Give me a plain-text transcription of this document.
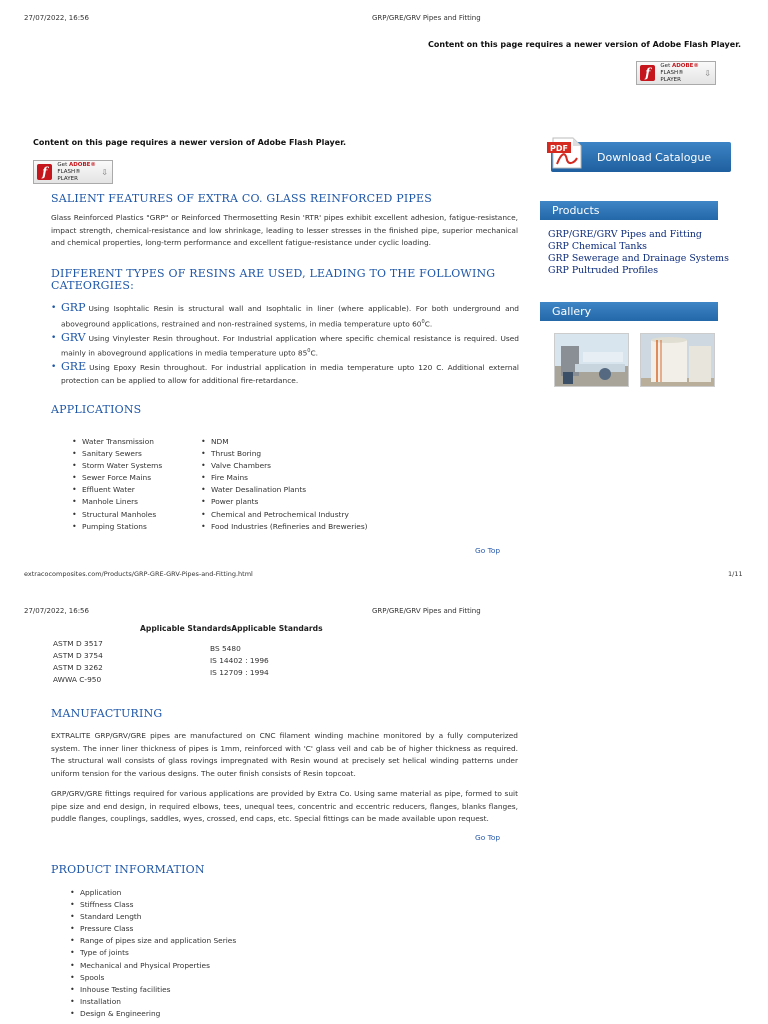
27/07/2022, 16:56	GRP/GRE/GRV Pipes and Fitting
Content on this page requires a newer version of Adobe Flash Player.
f
Get ADOBE®
FLASH® PLAYER
⇩
Content on this page requires a newer version of Adobe Flash Player.
f
Get ADOBE®
FLASH® PLAYER
⇩
PDF
Download Catalogue
Products
GRP/GRE/GRV Pipes and Fitting
GRP Chemical Tanks
GRP Sewerage and Drainage Systems
GRP Pultruded Profiles
Gallery
SALIENT FEATURES OF EXTRA CO. GLASS REINFORCED PIPES
Glass Reinforced Plastics "GRP" or Reinforced Thermosetting Resin 'RTR' pipes exhibit excellent adhesion, fatigue-resistance, impact strength, chemical-resistance and low shrinkage, leading to lesser stresses in the finished pipe, superior mechanical and chemical properties, long-term performance and excellent fatigue-resistance under cyclic loading.
DIFFERENT TYPES OF RESINS ARE USED, LEADING TO THE FOLLOWING
CATEORGIES:
• GRP Using Isophtalic Resin is structural wall and Isophtalic in liner (where applicable). For both underground and aboveground applications, restrained and non-restrained systems, in media temperature upto $60^0C$.
• GRV Using Vinylester Resin throughout. For Industrial application where specific chemical resistance is required. Used mainly in aboveground applications in media temperature upto $85^0C$.
• GRE Using Epoxy Resin throughout. For industrial application in media temperature upto 120 C. Additional external protection can be applied to allow for additional fire-retardance.
APPLICATIONS
• Water Transmission
• Sanitary Sewers
• Storm Water Systems
• Sewer Force Mains
• Effluent Water
• Manhole Liners
• Structural Manholes
• Pumping Stations
• NDM
• Thrust Boring
• Valve Chambers
• Fire Mains
• Water Desalination Plants
• Power plants
• Chemical and Petrochemical Industry
• Food Industries (Refineries and Breweries)
Go Top
extracocomposites.com/Products/GRP-GRE-GRV-Pipes-and-Fitting.html	1/11
27/07/2022, 16:56	GRP/GRE/GRV Pipes and Fitting
Applicable StandardsApplicable Standards
ASTM D 3517
ASTM D 3754
ASTM D 3262
AWWA C-950
BS 5480
IS 14402 : 1996
IS 12709 : 1994
MANUFACTURING
EXTRALITE GRP/GRV/GRE pipes are manufactured on CNC filament winding machine monitored by a fully computerized system. The inner liner thickness of pipes is 1mm, reinforced with 'C' glass veil and cab be of higher thickness as required. The structural wall consists of glass rovings impregnated with Resin wound at precisely set helical winding patterns under uniform tension for the various designs. The outer finish consists of Resin topcoat.
GRP/GRV/GRE fittings required for various applications are provided by Extra Co. Using same material as pipe, formed to suit pipe size and end design, in required elbows, tees, unequal tees, concentric and eccentric reducers, flanges, blanks flanges, puddle flanges, couplings, saddles, wyes, crossed, end caps, etc. Special fittings can be made available upon request.
Go Top
PRODUCT INFORMATION
• Application
• Stiffness Class
• Standard Length
• Pressure Class
• Range of pipes size and application Series
• Type of joints
• Mechanical and Physical Properties
• Spools
• Inhouse Testing facilities
• Installation
• Design & Engineering
